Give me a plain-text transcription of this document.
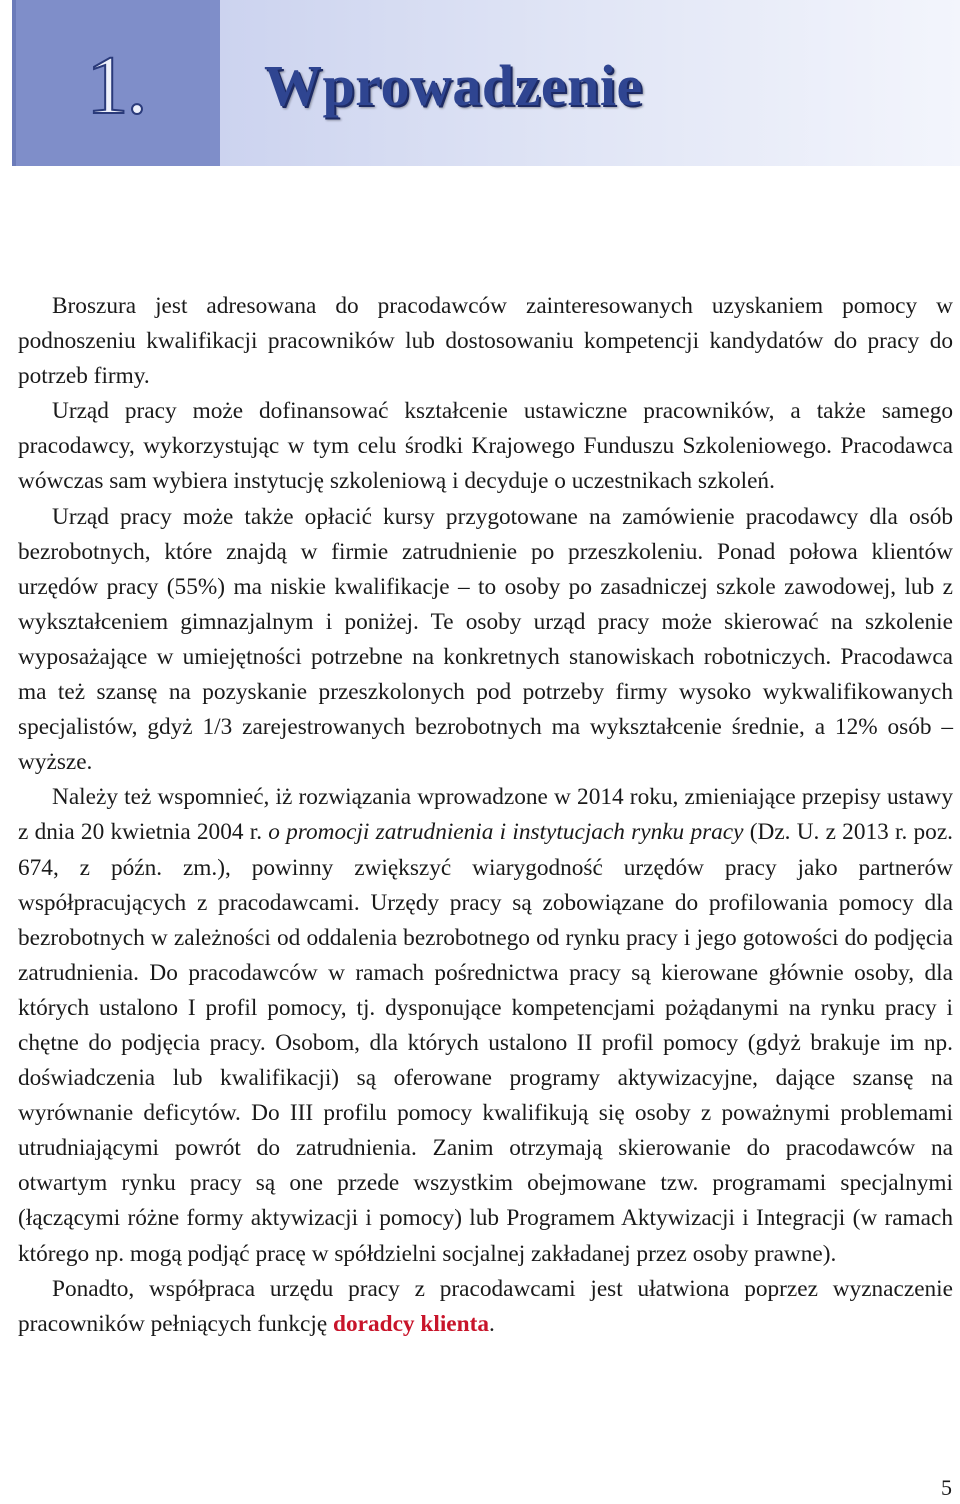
1. Wprowadzenie

Broszura jest adresowana do pracodawców zainteresowanych uzyskaniem pomocy w podnoszeniu kwalifikacji pracowników lub dostosowaniu kompetencji kandydatów do pracy do potrzeb firmy.

Urząd pracy może dofinansować kształcenie ustawiczne pracowników, a także samego pracodawcy, wykorzystując w tym celu środki Krajowego Funduszu Szkoleniowego. Pracodawca wówczas sam wybiera instytucję szkoleniową i decyduje o uczestnikach szkoleń.

Urząd pracy może także opłacić kursy przygotowane na zamówienie pracodawcy dla osób bezrobotnych, które znajdą w firmie zatrudnienie po przeszkoleniu. Ponad połowa klientów urzędów pracy (55%) ma niskie kwalifikacje – to osoby po zasadniczej szkole zawodowej, lub z wykształceniem gimnazjalnym i poniżej. Te osoby urząd pracy może skierować na szkolenie wyposażające w umiejętności potrzebne na konkretnych stanowiskach robotniczych. Pracodawca ma też szansę na pozyskanie przeszkolonych pod potrzeby firmy wysoko wykwalifikowanych specjalistów, gdyż 1/3 zarejestrowanych bezrobotnych ma wykształcenie średnie, a 12% osób – wyższe.

Należy też wspomnieć, iż rozwiązania wprowadzone w 2014 roku, zmieniające przepisy ustawy z dnia 20 kwietnia 2004 r. o promocji zatrudnienia i instytucjach rynku pracy (Dz. U. z 2013 r. poz. 674, z późn. zm.), powinny zwiększyć wiarygodność urzędów pracy jako partnerów współpracujących z pracodawcami. Urzędy pracy są zobowiązane do profilowania pomocy dla bezrobotnych w zależności od oddalenia bezrobotnego od rynku pracy i jego gotowości do podjęcia zatrudnienia. Do pracodawców w ramach pośrednictwa pracy są kierowane głównie osoby, dla których ustalono I profil pomocy, tj. dysponujące kompetencjami pożądanymi na rynku pracy i chętne do podjęcia pracy. Osobom, dla których ustalono II profil pomocy (gdyż brakuje im np. doświadczenia lub kwalifikacji) są oferowane programy aktywizacyjne, dające szansę na wyrównanie deficytów. Do III profilu pomocy kwalifikują się osoby z poważnymi problemami utrudniającymi powrót do zatrudnienia. Zanim otrzymają skierowanie do pracodawców na otwartym rynku pracy są one przede wszystkim obejmowane tzw. programami specjalnymi (łączącymi różne formy aktywizacji i pomocy) lub Programem Aktywizacji i Integracji (w ramach którego np. mogą podjąć pracę w spółdzielni socjalnej zakładanej przez osoby prawne).

Ponadto, współpraca urzędu pracy z pracodawcami jest ułatwiona poprzez wyznaczenie pracowników pełniących funkcję doradcy klienta.

5
